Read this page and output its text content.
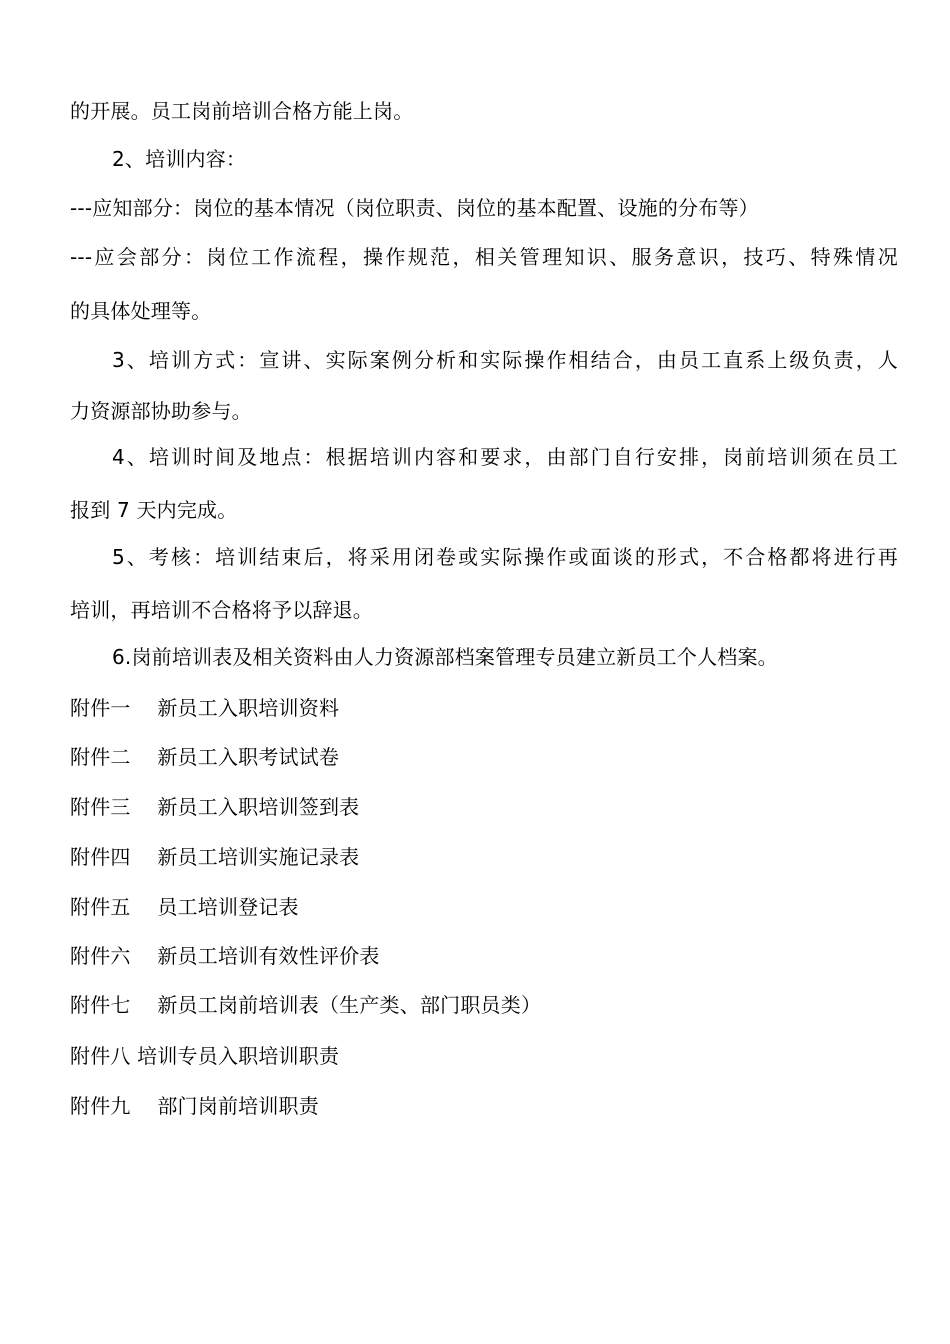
的开展。员工岗前培训合格方能上岗。
2、培训内容：
---应知部分：岗位的基本情况（岗位职责、岗位的基本配置、设施的分布等）
---应会部分：岗位工作流程，操作规范，相关管理知识、服务意识，技巧、特殊情况
的具体处理等。
3、培训方式：宣讲、实际案例分析和实际操作相结合，由员工直系上级负责，人
力资源部协助参与。
4、培训时间及地点：根据培训内容和要求，由部门自行安排，岗前培训须在员工
报到 7 天内完成。
5、考核：培训结束后，将采用闭卷或实际操作或面谈的形式，不合格都将进行再
培训，再培训不合格将予以辞退。
6.岗前培训表及相关资料由人力资源部档案管理专员建立新员工个人档案。
附件一　 新员工入职培训资料
附件二　 新员工入职考试试卷
附件三　 新员工入职培训签到表
附件四　 新员工培训实施记录表
附件五　 员工培训登记表
附件六　 新员工培训有效性评价表
附件七　 新员工岗前培训表（生产类、部门职员类）
附件八 培训专员入职培训职责
附件九　 部门岗前培训职责
